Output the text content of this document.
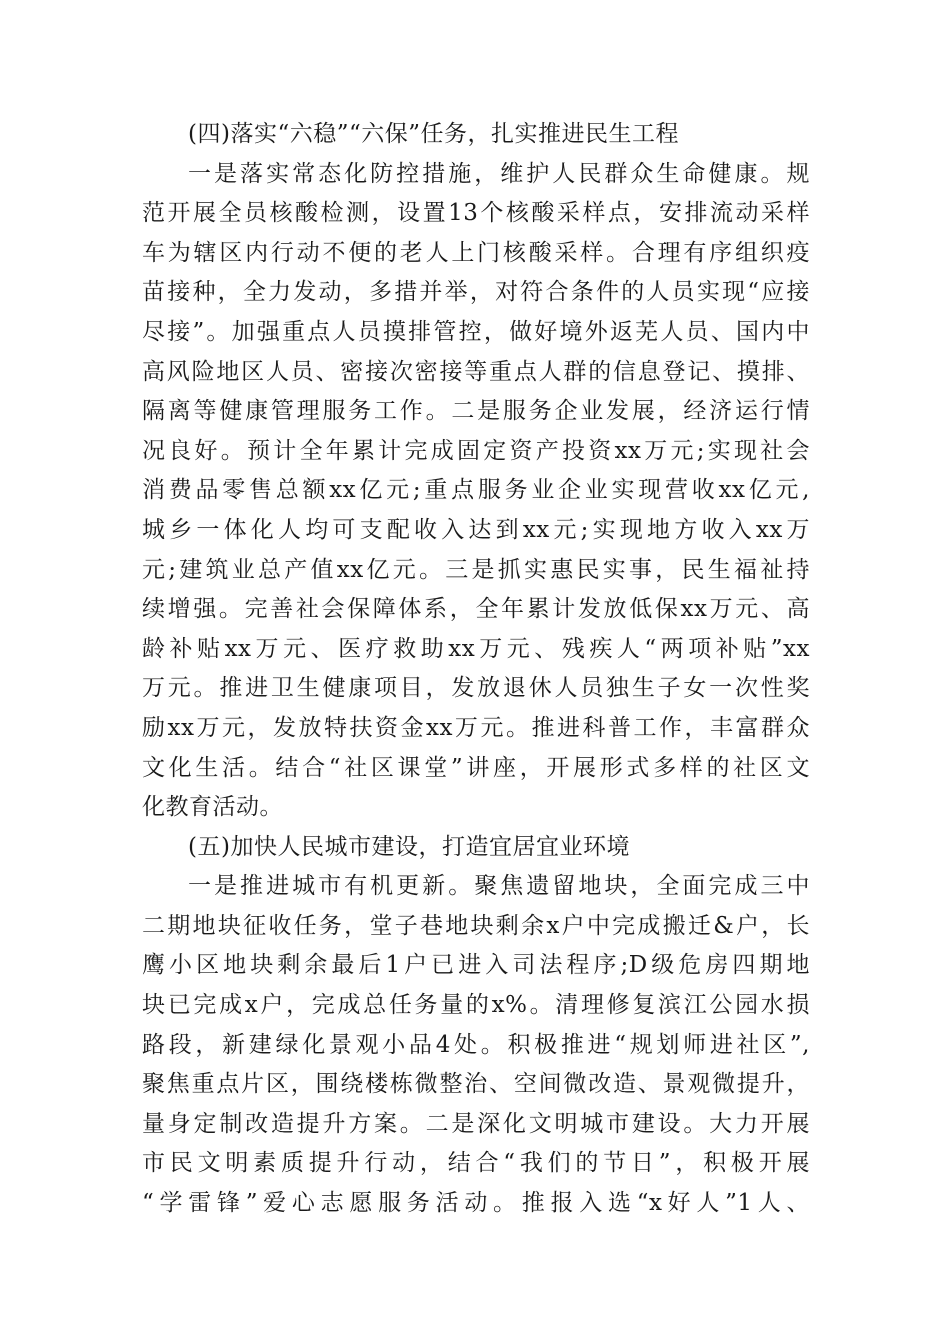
(四)落实“六稳”“六保”任务，扎实推进民生工程
一是落实常态化防控措施，维护人民群众生命健康。规
范开展全员核酸检测，设置13个核酸采样点，安排流动采样
车为辖区内行动不便的老人上门核酸采样。合理有序组织疫
苗接种，全力发动，多措并举，对符合条件的人员实现“应接
尽接”。加强重点人员摸排管控，做好境外返芜人员、国内中
高风险地区人员、密接次密接等重点人群的信息登记、摸排、
隔离等健康管理服务工作。二是服务企业发展，经济运行情
况良好。预计全年累计完成固定资产投资xx万元;实现社会
消费品零售总额xx亿元;重点服务业企业实现营收xx亿元,
城乡一体化人均可支配收入达到xx元;实现地方收入xx万
元;建筑业总产值xx亿元。三是抓实惠民实事，民生福祉持
续增强。完善社会保障体系，全年累计发放低保xx万元、高
龄补贴xx万元、医疗救助xx万元、残疾人“两项补贴”xx
万元。推进卫生健康项目，发放退休人员独生子女一次性奖
励xx万元，发放特扶资金xx万元。推进科普工作，丰富群众
文化生活。结合“社区课堂”讲座，开展形式多样的社区文
化教育活动。
(五)加快人民城市建设，打造宜居宜业环境
一是推进城市有机更新。聚焦遗留地块，全面完成三中
二期地块征收任务，堂子巷地块剩余x户中完成搬迁&户，长
鹰小区地块剩余最后1户已进入司法程序;D级危房四期地
块已完成x户，完成总任务量的x%。清理修复滨江公园水损
路段，新建绿化景观小品4处。积极推进“规划师进社区”,
聚焦重点片区，围绕楼栋微整治、空间微改造、景观微提升，
量身定制改造提升方案。二是深化文明城市建设。大力开展
市民文明素质提升行动，结合“我们的节日”，积极开展
“学雷锋”爱心志愿服务活动。推报入选“x好人”1人、
